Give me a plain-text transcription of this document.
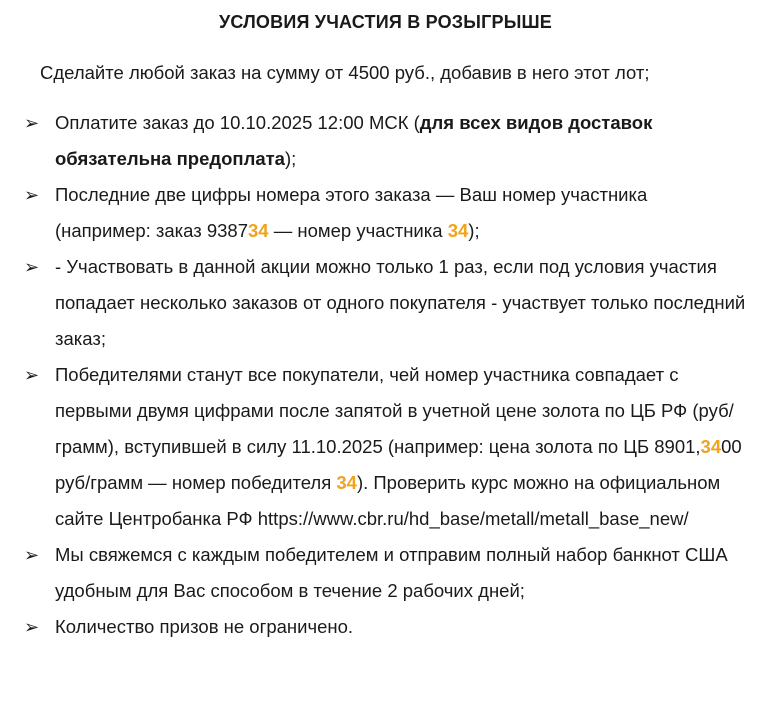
УСЛОВИЯ УЧАСТИЯ В РОЗЫГРЫШЕ
Сделайте любой заказ на сумму от 4500 руб., добавив в него этот лот;
➢ Оплатите заказ до 10.10.2025 12:00 МСК (для всех видов доставок обязательна предоплата);
➢ Последние две цифры номера этого заказа — Ваш номер участника (например: заказ 938734 — номер участника 34);
➢ - Участвовать в данной акции можно только 1 раз, если под условия участия попадает несколько заказов от одного покупателя - участвует только последний заказ;
➢ Победителями станут все покупатели, чей номер участника совпадает с первыми двумя цифрами после запятой в учетной цене золота по ЦБ РФ (руб/грамм), вступившей в силу 11.10.2025 (например: цена золота по ЦБ 8901,3400 руб/грамм — номер победителя 34). Проверить курс можно на официальном сайте Центробанка РФ https://www.cbr.ru/hd_base/metall/metall_base_new/
➢ Мы свяжемся с каждым победителем и отправим полный набор банкнот США удобным для Вас способом в течение 2 рабочих дней;
➢ Количество призов не ограничено.
